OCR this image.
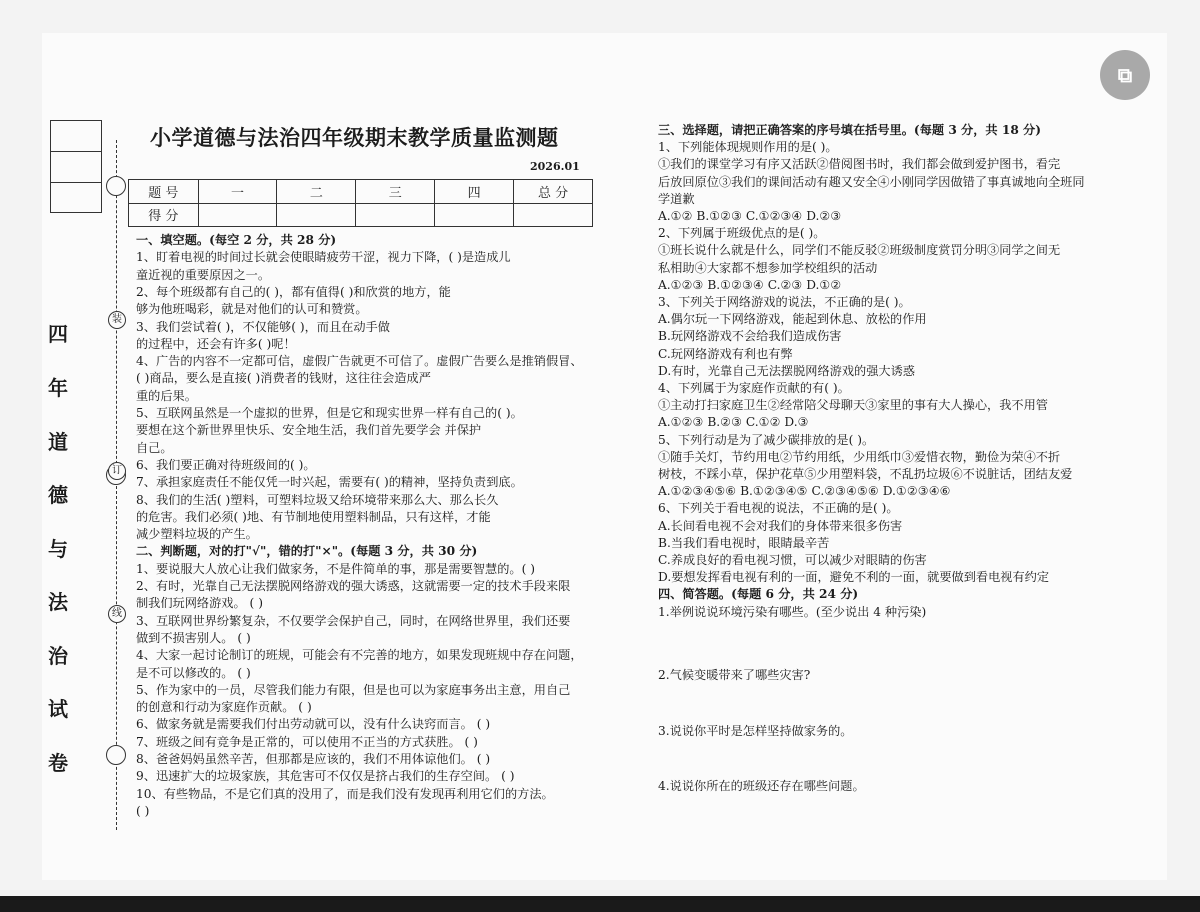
⧉
四
年
道
德
与
法
治
试
卷
装
订
线
小学道德与法治四年级期末教学质量监测题
2026.01
题 号	一	二	三	四	总 分
得 分					
一、填空题。(每空 2 分，共 28 分)
1、盯着电视的时间过长就会使眼睛疲劳干涩，视力下降，( )是造成儿
童近视的重要原因之一。
2、每个班级都有自己的( )，都有值得( )和欣赏的地方，能
够为他班喝彩，就是对他们的认可和赞赏。
3、我们尝试着( )，不仅能够( )，而且在动手做
的过程中，还会有许多( )呢！
4、广告的内容不一定都可信，虚假广告就更不可信了。虚假广告要么是推销假冒、
( )商品，要么是直接( )消费者的钱财，这往往会造成严
重的后果。
5、互联网虽然是一个虚拟的世界，但是它和现实世界一样有自己的( )。
要想在这个新世界里快乐、安全地生活，我们首先要学会 并保护
自己。
6、我们要正确对待班级间的( )。
7、承担家庭责任不能仅凭一时兴起，需要有( )的精神，坚持负责到底。
8、我们的生活( )塑料，可塑料垃圾又给环境带来那么大、那么长久
的危害。我们必须( )地、有节制地使用塑料制品，只有这样，才能
减少塑料垃圾的产生。
二、判断题，对的打"√"，错的打"×"。(每题 3 分，共 30 分)
1、要说服大人放心让我们做家务，不是件简单的事，那是需要智慧的。( )
2、有时，光靠自己无法摆脱网络游戏的强大诱惑，这就需要一定的技术手段来限
制我们玩网络游戏。 ( )
3、互联网世界纷繁复杂，不仅要学会保护自己，同时，在网络世界里，我们还要
做到不损害别人。 ( )
4、大家一起讨论制订的班规，可能会有不完善的地方，如果发现班规中存在问题，
是不可以修改的。 ( )
5、作为家中的一员，尽管我们能力有限，但是也可以为家庭事务出主意，用自己
的创意和行动为家庭作贡献。 ( )
6、做家务就是需要我们付出劳动就可以，没有什么诀窍而言。 ( )
7、班级之间有竞争是正常的，可以使用不正当的方式获胜。 ( )
8、爸爸妈妈虽然辛苦，但那都是应该的，我们不用体谅他们。 ( )
9、迅速扩大的垃圾家族，其危害可不仅仅是挤占我们的生存空间。 ( )
10、有些物品，不是它们真的没用了，而是我们没有发现再利用它们的方法。
( )
三、选择题，请把正确答案的序号填在括号里。(每题 3 分，共 18 分)
1、下列能体现规则作用的是( )。
①我们的课堂学习有序又活跃②借阅图书时，我们都会做到爱护图书，看完
后放回原位③我们的课间活动有趣又安全④小刚同学因做错了事真诚地向全班同
学道歉
A.①② B.①②③ C.①②③④ D.②③
2、下列属于班级优点的是( )。
①班长说什么就是什么，同学们不能反驳②班级制度赏罚分明③同学之间无
私相助④大家都不想参加学校组织的活动
A.①②③ B.①②③④ C.②③ D.①②
3、下列关于网络游戏的说法，不正确的是( )。
A.偶尔玩一下网络游戏，能起到休息、放松的作用
B.玩网络游戏不会给我们造成伤害
C.玩网络游戏有利也有弊
D.有时，光靠自己无法摆脱网络游戏的强大诱惑
4、下列属于为家庭作贡献的有( )。
①主动打扫家庭卫生②经常陪父母聊天③家里的事有大人操心，我不用管
A.①②③ B.②③ C.①② D.③
5、下列行动是为了减少碳排放的是( )。
①随手关灯，节约用电②节约用纸，少用纸巾③爱惜衣物，勤俭为荣④不折
树枝，不踩小草，保护花草⑤少用塑料袋，不乱扔垃圾⑥不说脏话，团结友爱
A.①②③④⑤⑥ B.①②③④⑤ C.②③④⑤⑥ D.①②③④⑥
6、下列关于看电视的说法，不正确的是( )。
A.长间看电视不会对我们的身体带来很多伤害
B.当我们看电视时，眼睛最辛苦
C.养成良好的看电视习惯，可以减少对眼睛的伤害
D.要想发挥看电视有利的一面，避免不利的一面，就要做到看电视有约定
四、简答题。(每题 6 分，共 24 分)
1.举例说说环境污染有哪些。(至少说出 4 种污染)
2.气候变暖带来了哪些灾害?
3.说说你平时是怎样坚持做家务的。
4.说说你所在的班级还存在哪些问题。
